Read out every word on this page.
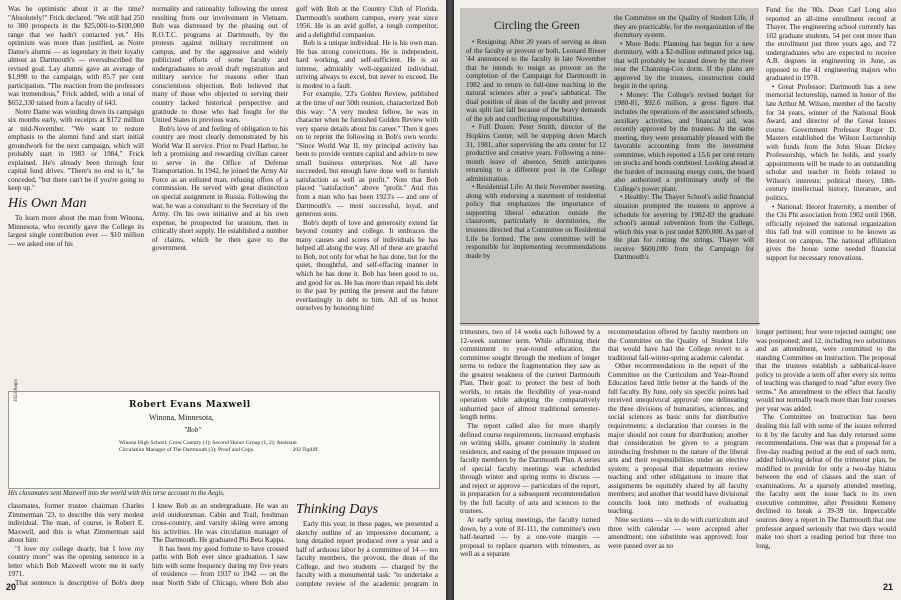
Was he optimistic about it at the time? "Absolutely!" Frick declared. "We still had 250 to 300 prospects in the $25,000-to-$100,000 range that we hadn't contacted yet." His optimism was more than justified, as Notre Dame's alumni — as legendary in their loyalty almost as Dartmouth's — oversubscribed the revised goal. Lay alumni gave an average of $1,998 to the campaign, with 85.7 per cent participation. "The reaction from the professors was tremendous," Frick added, with a total of $652,330 raised from a faculty of 643.

Notre Dame was winding down its campaign six months early, with receipts at $172 million at mid-November. "We want to restore emphasis to the alumni fund and start initial groundwork for the next campaign, which will probably start in 1983 or 1984," Frick explained. He's already been through four capital fund drives. "There's no end to it," he conceded, "but there can't be if you're going to keep up."

His Own Man

To learn more about the man from Winona, Minnesota, who recently gave the College its largest single contribution ever — $10 million — we asked one of his

normality and rationality following the unrest resulting from our involvement in Vietnam. Bob was distressed by the phasing out of R.O.T.C. programs at Dartmouth, by the protests against military recruitment on campus, and by the aggressive and widely publicized efforts of some faculty and undergraduates to avoid draft registration and military service for reasons other than conscientious objection. Bob believed that many of those who objected to serving their country lacked historical perspective and gratitude to those who had fought for the United States in previous wars.

Bob's love of and feeling of obligation to his country are most clearly demonstrated by his World War II service. Prior to Pearl Harbor, he left a promising and rewarding civilian career to serve in the Office of Defense Transportation. In 1942, he joined the Army Air Force as an enlisted man, refusing offers of a commission. He served with great distinction on special assignment in Russia. Following the war, he was a consultant to the Secretary of the Army. On his own initiative and at his own expense, he prospected for uranium, then in critically short supply. He established a number of claims, which he then gave to the government.

golf with Bob at the Country Club of Florida, Dartmouth's southern campus, every year since 1956. He is an avid golfer, a tough competitor, and a delightful companion.

Bob is a unique individual. He is his own man. He has strong convictions. He is independent, hard working, and self-sufficient. He is an intense, admirably well-organized individual, striving always to excel, but never to exceed. He is modest to a fault.

For example, '23's Golden Review, published at the time of our 50th reunion, characterized Bob this way: "A very modest fellow, he was in character when he furnished Golden Review with very sparse details about his career." Then it goes on to reprint the following in Bob's own words: "Since World War II, my principal activity has been to provide venture capital and advice to new small business enterprises. Not all have succeeded, but enough have done well to furnish satisfaction as well as profit." Note that Bob placed "satisfaction" above "profit." And this from a man who has been 1923's — and one of Dartmouth's — most successful, loyal, and generous sons.

Bob's depth of love and generosity extend far beyond country and college. It embraces the many causes and scores of individuals he has helped all along the way. All of these are grateful to Bob, not only for what he has done, but for the quiet, thoughtful, and self-effacing manner in which he has done it. Bob has been good to us, and good for us. He has more than repaid his debt to the past by putting the present and the future everlastingly in debt to him. All of us honor ourselves by honoring him!

1923 Aegis
Robert Evans Maxwell
Winona, Minnesota,
"Bob"
Winona High School; Cross Country (1); Second Honor Group (1, 2); Assistant Circulation Manager of The Dartmouth (3); Proof and Copy.	202 Topliff.
His classmates sent Maxwell into the world with this terse account in the Aegis.

classmates, former trustee chairman Charles Zimmerman '23, to describe this very modest individual. The man, of course, is Robert E. Maxwell, and this is what Zimmerman said about him:

"I love my college dearly, but I love my country more" was the opening sentence in a letter which Bob Maxwell wrote me in early 1971.

That sentence is descriptive of Bob's deep

I knew Bob as an undergraduate. He was an avid outdoorsman. Cabin and Trail, freshman cross-country, and varsity skiing were among his activities. He was circulation manager of The Dartmouth. He graduated Phi Beta Kappa.

It has been my good fortune to have crossed paths with Bob ever since graduation. I saw him with some frequency during my five years of residence — from 1937 to 1942 — on the near North Side of Chicago, where Bob also

Thinking Days

Early this year, in these pages, we presented a sketchy outline of an impressive document, a long detailed report produced over a year and a half of arduous labor by a committee of 14 — ten faculty members, the provost, the dean of the College, and two students — charged by the faculty with a monumental task: "to undertake a complete review of the academic program in

20
Circling the Green
• Resigning: After 20 years of serving as dean of the faculty or provost or both, Leonard Rieser '44 announced to the faculty in late November that he intends to resign as provost on the completion of the Campaign for Dartmouth in 1982 and to return to full-time teaching in the natural sciences after a year's sabbatical. The dual position of dean of the faculty and provost was split last fall because of the heavy demands of the job and conflicting responsibilities.
• Full Dozen: Peter Smith, director of the Hopkins Center, will be stepping down March 31, 1981, after supervising the arts center for 12 productive and creative years. Following a nine-month leave of absence, Smith anticipates returning to a different post in the College administration.
• Residential Life: At their November meeting, along with endorsing a statement of residential policy that emphasizes the importance of supporting liberal education outside the classroom, particularly in dormitories, the trustees directed that a Committee on Residential Life be formed. The new committee will be responsible for implementing recommendations made by

the Committee on the Quality of Student Life, if they are practicable, for the reorganization of the dormitory system.

• More Beds: Planning has begun for a new dormitory, with a $2-million estimated price tag, that will probably be located down by the river near the Channing-Cox dorm. If the plans are approved by the trustees, construction could begin in the spring.
• Money: The College's revised budget for 1980-81, $92.6 million, a gross figure that includes the operations of the associated schools, auxiliary activities, and financial aid, was recently approved by the trustees. At the same meeting, they were presumably pleased with the favorable accounting from the investment committee, which reported a 15.6 per cent return on stocks and bonds combined. Looking ahead at the burden of increasing energy costs, the board also authorized a preliminary study of the College's power plant.
• Healthy: The Thayer School's solid financial situation prompted the trustees to approve a schedule for severing by 1982-83 the graduate school's annual subvention from the College, which this year is just under $200,000. As part of the plan for cutting the strings, Thayer will receive $600,000 from the Campaign for Dartmouth's

Fund for the '80s. Dean Carl Long also reported an all-time enrollment record at Thayer. The engineering school currently has 102 graduate students, 54 per cent more than the enrollment just three years ago, and 72 undergraduates who are expected to receive A.B. degrees in engineering in June, as opposed to the 41 engineering majors who graduated in 1978.

• Great Professor: Dartmouth has a new memorial lectureship, named in honor of the late Arthur M. Wilson, member of the faculty for 34 years, winner of the National Book Award, and director of the Great Issues course. Government Professor Roger D. Masters established the Wilson Lectureship with funds from the John Sloan Dickey Professorship, which he holds, and yearly appointments will be made to an outstanding scholar and teacher in fields related to Wilson's interests: political theory, 18th-century intellectual history, literature, and politics.
• National: Heorot fraternity, a member of the Chi Phi association from 1902 until 1968, officially rejoined the national organization this fall but will continue to be known as Heorot on campus. The national affiliation gives the house some needed financial support for necessary renovations.

trimesters, two of 14 weeks each followed by a 12-week summer term. While affirming their commitment to year-round education, the committee sought through the medium of longer terms to reduce the fragmentation they saw as the greatest weakness of the current Dartmouth Plan. Their goal: to protect the best of both worlds, to retain the flexibility of year-round operation while adopting the comparatively unhurried pace of almost traditional semester-length terms.

The report called also for more sharply defined course requirements, increased emphasis on writing skills, greater continuity in student residence, and easing of the pressure imposed on faculty members by the Dartmouth Plan. A series of special faculty meetings was scheduled through winter and spring terms to discuss — and reject or approve — particulars of the report, in preparation for a subsequent recommendation by the full faculty of arts and sciences to the trustees.

At early spring meetings, the faculty turned down, by a vote of 81-111, the committee's own half-hearted — by a one-vote margin — proposal to replace quarters with trimesters, as well as a separate

recommendation offered by faculty members on the Committee on the Quality of Student Life that would have had the College revert to a traditional fall-winter-spring academic calendar.

Other recommendations in the report of the Committee on the Curriculum and Year-Round Education fared little better at the hands of the full faculty. By June, only six specific points had received unequivocal approval: one delineating the three divisions of humanities, sciences, and social sciences as basic units for distributive requirements; a declaration that courses in the major should not count for distribution; another that consideration be given to a program introducing freshmen to the nature of the liberal arts and their responsibilities under an elective system; a proposal that departments review teaching and other obligations to insure that assignments be equitably shared by all faculty members; and another that would have divisional councils look into methods of evaluating teaching.

Nine sections — six to do with curriculum and three with calendar — were accepted after amendment; one substitute was approved; four were passed over as no

longer pertinent; four were rejected outright; one was postponed; and 12, including two substitutes and an amendment, were committed to the standing Committee on Instruction. The proposal that the trustees establish a sabbatical-leave policy to provide a term off after every six terms of teaching was changed to read "after every five terms." An amendment to the effect that faculty would not normally teach more than four courses per year was added.

The Committee on Instruction has been dealing this fall with some of the issues referred to it by the faculty and has duly returned some recommendations. One was that a proposal for a five-day reading period at the end of each term, added following defeat of the trimester plan, be modified to provide for only a two-day hiatus between the end of classes and the start of examinations. At a sparsely attended meeting, the faculty sent the issue back to its own executive committee, after President Kemeny declined to break a 39-39 tie. Impeccable sources deny a report in The Dartmouth that one professor argued seriously that two days would make too short a reading period but three too long,

21
